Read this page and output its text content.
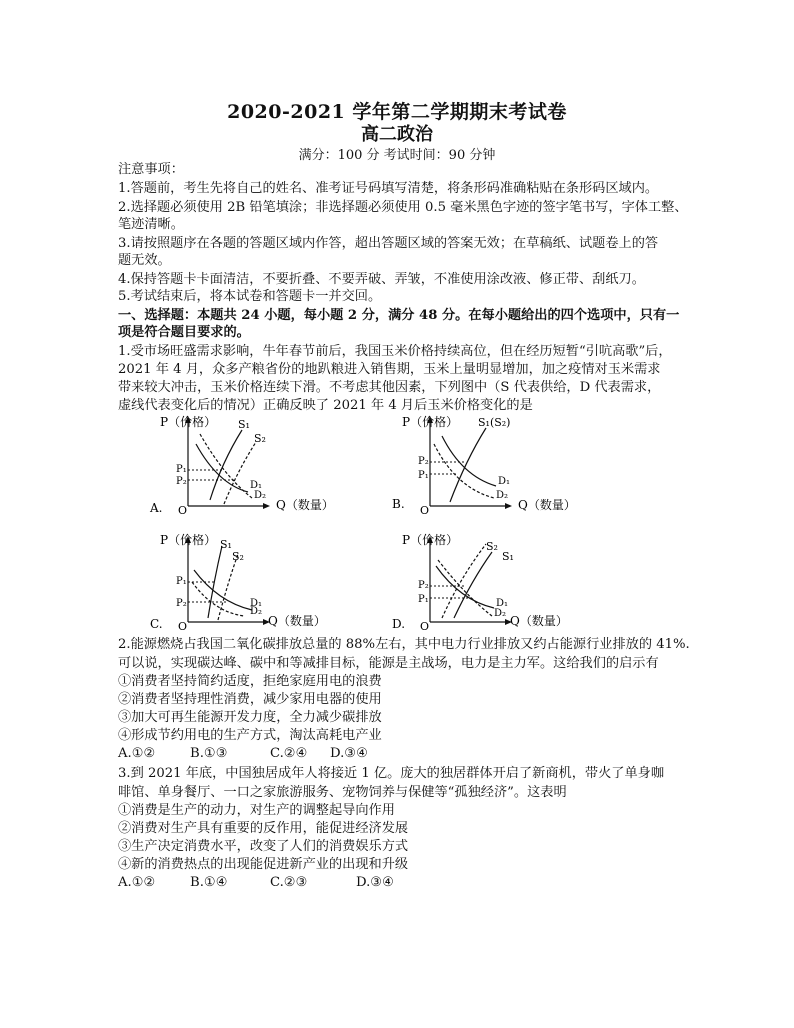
2020-2021 学年第二学期期末考试卷
高二政治
满分：100 分 考试时间：90 分钟
注意事项：
1.答题前，考生先将自己的姓名、准考证号码填写清楚，将条形码准确粘贴在条形码区域内。
2.选择题必须使用 2B 铅笔填涂；非选择题必须使用 0.5 毫米黑色字迹的签字笔书写，字体工整、
笔迹清晰。
3.请按照题序在各题的答题区域内作答，超出答题区域的答案无效；在草稿纸、试题卷上的答
题无效。
4.保持答题卡卡面清洁，不要折叠、不要弄破、弄皱，不准使用涂改液、修正带、刮纸刀。
5.考试结束后，将本试卷和答题卡一并交回。
一、选择题：本题共 24 小题，每小题 2 分，满分 48 分。在每小题给出的四个选项中，只有一
项是符合题目要求的。
1.受市场旺盛需求影响，牛年春节前后，我国玉米价格持续高位，但在经历短暂“引吭高歌”后，
2021 年 4 月，众多产粮省份的地趴粮进入销售期，玉米上量明显增加，加之疫情对玉米需求
带来较大冲击，玉米价格连续下滑。不考虑其他因素，下列图中（S 代表供给，D 代表需求，
虚线代表变化后的情况）正确反映了 2021 年 4 月后玉米价格变化的是
P（价格）
Q（数量）
O
A.
S₁
S₂
P₁
P₂	D₁
D₂
P（价格）
Q（数量）
O
B.
S₁(S₂)
P₂
P₁
D₁
D₂
P（价格）
Q（数量）
O
C.
S₁
S₂
P₁
P₂	D₁
D₂
P（价格）
Q（数量）
O
D.
S₂
S₁
P₂
P₁	D₁
D₂
2.能源燃烧占我国二氧化碳排放总量的 88%左右，其中电力行业排放又约占能源行业排放的 41%.
可以说，实现碳达峰、碳中和等减排目标，能源是主战场，电力是主力军。这给我们的启示有
①消费者坚持简约适度，拒绝家庭用电的浪费
②消费者坚持理性消费，减少家用电器的使用
③加大可再生能源开发力度，全力减少碳排放
④形成节约用电的生产方式，淘汰高耗电产业
A.①②	B.①③	C.②④	D.③④
3.到 2021 年底，中国独居成年人将接近 1 亿。庞大的独居群体开启了新商机，带火了单身咖
啡馆、单身餐厅、一口之家旅游服务、宠物饲养与保健等“孤独经济”。这表明
①消费是生产的动力，对生产的调整起导向作用
②消费对生产具有重要的反作用，能促进经济发展
③生产决定消费水平，改变了人们的消费娱乐方式
④新的消费热点的出现能促进新产业的出现和升级
A.①②	B.①④	C.②③	D.③④
